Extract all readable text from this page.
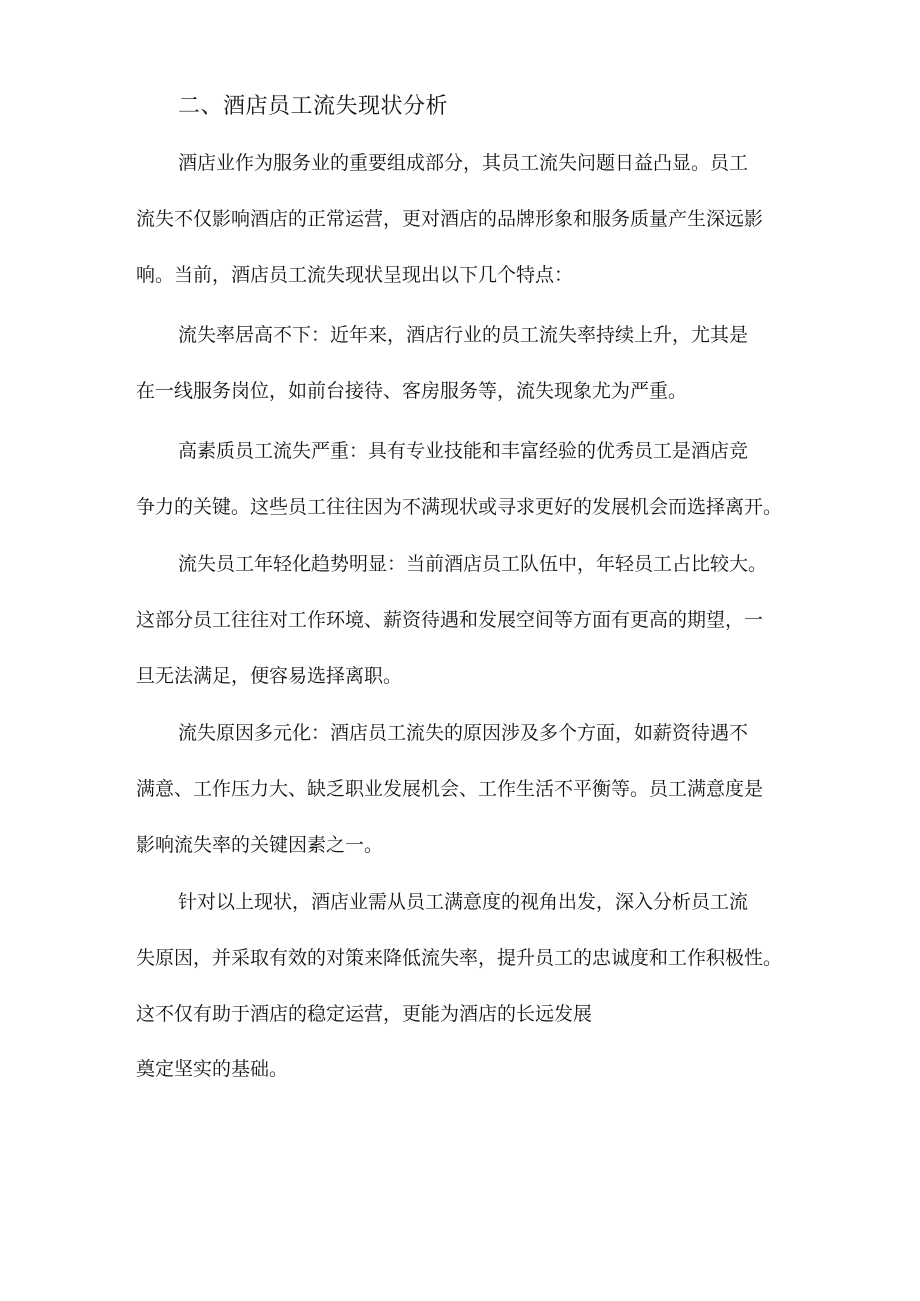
二、酒店员工流失现状分析
酒店业作为服务业的重要组成部分，其员工流失问题日益凸显。员工
流失不仅影响酒店的正常运营，更对酒店的品牌形象和服务质量产生深远影
响。当前，酒店员工流失现状呈现出以下几个特点：
流失率居高不下：近年来，酒店行业的员工流失率持续上升，尤其是
在一线服务岗位，如前台接待、客房服务等，流失现象尤为严重。
高素质员工流失严重：具有专业技能和丰富经验的优秀员工是酒店竞
争力的关键。这些员工往往因为不满现状或寻求更好的发展机会而选择离开。
流失员工年轻化趋势明显：当前酒店员工队伍中，年轻员工占比较大。
这部分员工往往对工作环境、薪资待遇和发展空间等方面有更高的期望，一
旦无法满足，便容易选择离职。
流失原因多元化：酒店员工流失的原因涉及多个方面，如薪资待遇不
满意、工作压力大、缺乏职业发展机会、工作生活不平衡等。员工满意度是
影响流失率的关键因素之一。
针对以上现状，酒店业需从员工满意度的视角出发，深入分析员工流
失原因，并采取有效的对策来降低流失率，提升员工的忠诚度和工作积极性。
这不仅有助于酒店的稳定运营，更能为酒店的长远发展
奠定坚实的基础。
